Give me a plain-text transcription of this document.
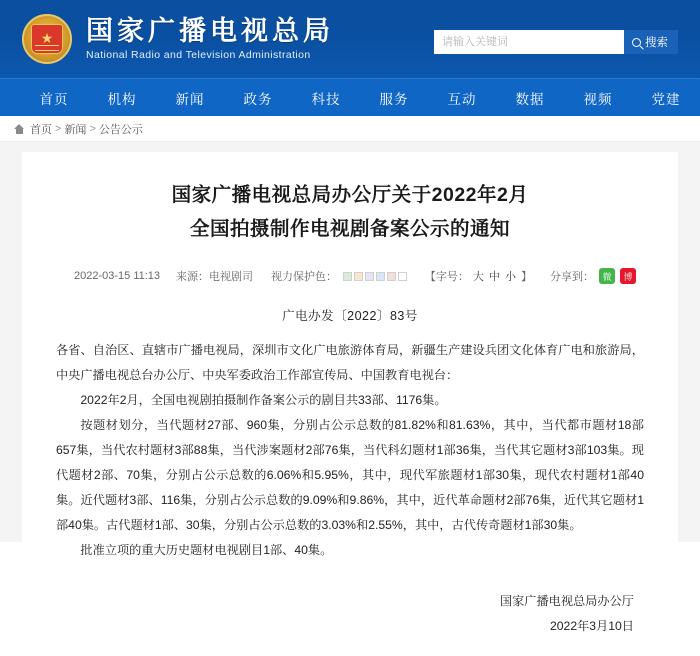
★
国家广播电视总局
National Radio and Television Administration
请输入关键词
搜索
首页	机构	新闻	政务	科技	服务	互动	数据	视频	党建
首页 > 新闻 > 公告公示
国家广播电视总局办公厅关于2022年2月
全国拍摄制作电视剧备案公示的通知
2022-03-15 11:13 来源：电视剧司 视力保护色：	【字号： 大 中 小 】 分享到： 微	博
广电办发〔2022〕83号

各省、自治区、直辖市广播电视局，深圳市文化广电旅游体育局，新疆生产建设兵团文化体育广电和旅游局，中央广播电视总台办公厅、中央军委政治工作部宣传局、中国教育电视台：

2022年2月，全国电视剧拍摄制作备案公示的剧目共33部、1176集。

按题材划分，当代题材27部、960集，分别占公示总数的81.82%和81.63%，其中，当代都市题材18部657集，当代农村题材3部88集，当代涉案题材2部76集，当代科幻题材1部36集，当代其它题材3部103集。现代题材2部、70集，分别占公示总数的6.06%和5.95%，其中，现代军旅题材1部30集，现代农村题材1部40集。近代题材3部、116集，分别占公示总数的9.09%和9.86%，其中，近代革命题材2部76集，近代其它题材1部40集。古代题材1部、30集，分别占公示总数的3.03%和2.55%，其中，古代传奇题材1部30集。

批准立项的重大历史题材电视剧目1部、40集。

国家广播电视总局办公厅
2022年3月10日
